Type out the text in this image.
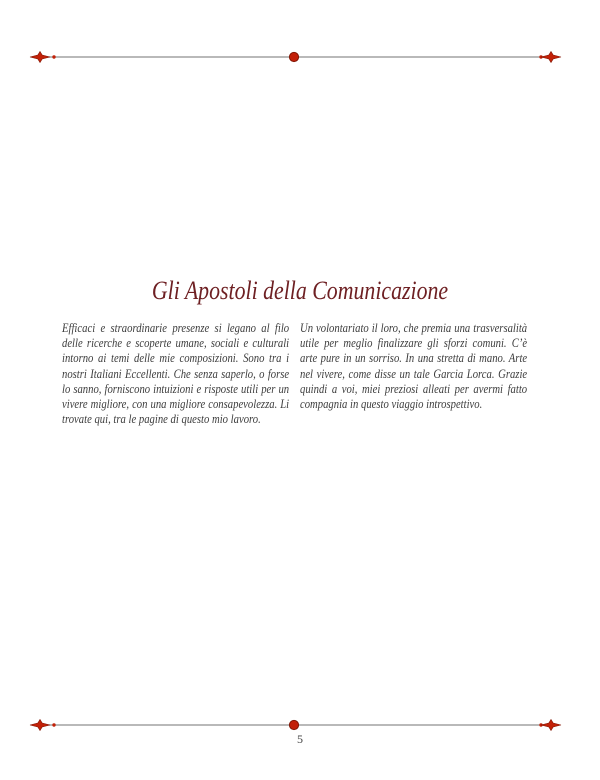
Gli Apostoli della Comunicazione

Efficaci e straordinarie presenze si legano al filo delle ricerche e scoperte umane, sociali e culturali intorno ai temi delle mie composizioni. Sono tra i nostri Italiani Eccellenti. Che senza saperlo, o forse lo sanno, forniscono intuizioni e risposte utili per un vivere migliore, con una migliore consapevolezza. Li trovate qui, tra le pagine di questo mio lavoro.

Un volontariato il loro, che premia una trasversalità utile per meglio finalizzare gli sforzi comuni. C’è arte pure in un sorriso. In una stretta di mano. Arte nel vivere, come disse un tale Garcia Lorca. Grazie quindi a voi, miei preziosi alleati per avermi fatto compagnia in questo viaggio introspettivo.

5
